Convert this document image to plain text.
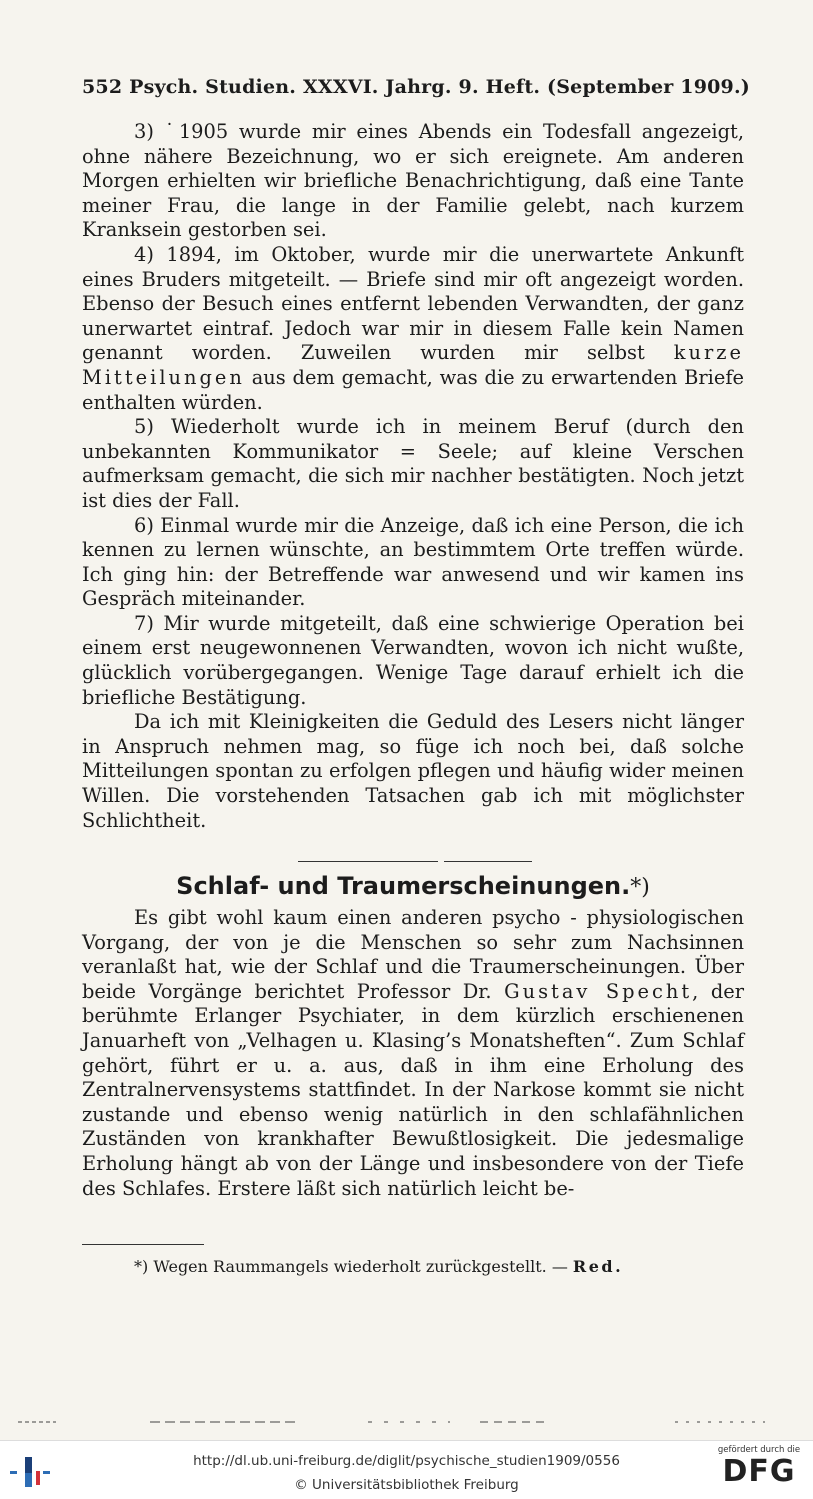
552 Psych. Studien. XXXVI. Jahrg. 9. Heft. (September 1909.)

3) ˙1905 wurde mir eines Abends ein Todesfall angezeigt, ohne nähere Bezeichnung, wo er sich ereignete. Am anderen Morgen erhielten wir briefliche Benachrichtigung, daß eine Tante meiner Frau, die lange in der Familie gelebt, nach kurzem Kranksein gestorben sei.

4) 1894, im Oktober, wurde mir die unerwartete Ankunft eines Bruders mitgeteilt. — Briefe sind mir oft angezeigt worden. Ebenso der Besuch eines entfernt lebenden Verwandten, der ganz unerwartet eintraf. Jedoch war mir in diesem Falle kein Namen genannt worden. Zuweilen wurden mir selbst kurze Mitteilungen aus dem gemacht, was die zu erwartenden Briefe enthalten würden.

5) Wiederholt wurde ich in meinem Beruf (durch den unbekannten Kommunikator = Seele; auf kleine Verschen aufmerksam gemacht, die sich mir nachher bestätigten. Noch jetzt ist dies der Fall.

6) Einmal wurde mir die Anzeige, daß ich eine Person, die ich kennen zu lernen wünschte, an bestimmtem Orte treffen würde. Ich ging hin: der Betreffende war anwesend und wir kamen ins Gespräch miteinander.

7) Mir wurde mitgeteilt, daß eine schwierige Operation bei einem erst neugewonnenen Verwandten, wovon ich nicht wußte, glücklich vorübergegangen. Wenige Tage darauf erhielt ich die briefliche Bestätigung.

Da ich mit Kleinigkeiten die Geduld des Lesers nicht länger in Anspruch nehmen mag, so füge ich noch bei, daß solche Mitteilungen spontan zu erfolgen pflegen und häufig wider meinen Willen. Die vorstehenden Tatsachen gab ich mit möglichster Schlichtheit.

Schlaf- und Traumerscheinungen.*)

Es gibt wohl kaum einen anderen psycho - physiologischen Vorgang, der von je die Menschen so sehr zum Nachsinnen veranlaßt hat, wie der Schlaf und die Traumerscheinungen. Über beide Vorgänge berichtet Professor Dr. Gustav Specht, der berühmte Erlanger Psychiater, in dem kürzlich erschienenen Januarheft von „Velhagen u. Klasing’s Monatsheften“. Zum Schlaf gehört, führt er u. a. aus, daß in ihm eine Erholung des Zentralnervensystems stattfindet. In der Narkose kommt sie nicht zustande und ebenso wenig natürlich in den schlafähnlichen Zuständen von krankhafter Bewußtlosigkeit. Die jedesmalige Erholung hängt ab von der Länge und insbesondere von der Tiefe des Schlafes. Erstere läßt sich natürlich leicht be-

*) Wegen Raummangels wiederholt zurückgestellt. — Red.
http://dl.ub.uni-freiburg.de/diglit/psychische_studien1909/0556
© Universitätsbibliothek Freiburg
gefördert durch die
DFG
